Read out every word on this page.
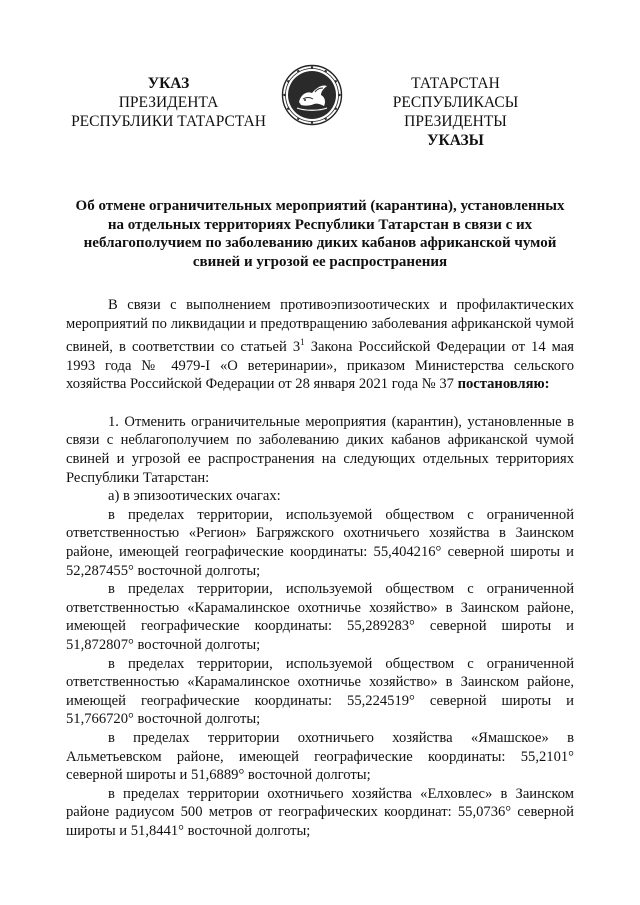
УКАЗ
ПРЕЗИДЕНТА
РЕСПУБЛИКИ ТАТАРСТАН
ТАТАРСТАН РЕСПУБЛИКАСЫ
ПРЕЗИДЕНТЫ
УКАЗЫ
Об отмене ограничительных мероприятий (карантина), установленных на отдельных территориях Республики Татарстан в связи с их неблагополучием по заболеванию диких кабанов африканской чумой свиней и угрозой ее распространения

В связи с выполнением противоэпизоотических и профилактических мероприятий по ликвидации и предотвращению заболевания африканской чумой свиней, в соответствии со статьей $3^1$ Закона Российской Федерации от 14 мая 1993 года № 4979-I «О ветеринарии», приказом Министерства сельского хозяйства Российской Федерации от 28 января 2021 года № 37 постановляю:

1. Отменить ограничительные мероприятия (карантин), установленные в связи с неблагополучием по заболеванию диких кабанов африканской чумой свиней и угрозой ее распространения на следующих отдельных территориях Республики Татарстан:

а) в эпизоотических очагах:

в пределах территории, используемой обществом с ограниченной ответственностью «Регион» Багряжского охотничьего хозяйства в Заинском районе, имеющей географические координаты: 55,404216° северной широты и 52,287455° восточной долготы;

в пределах территории, используемой обществом с ограниченной ответственностью «Карамалинское охотничье хозяйство» в Заинском районе, имеющей географические координаты: 55,289283° северной широты и 51,872807° восточной долготы;

в пределах территории, используемой обществом с ограниченной ответственностью «Карамалинское охотничье хозяйство» в Заинском районе, имеющей географические координаты: 55,224519° северной широты и 51,766720° восточной долготы;

в пределах территории охотничьего хозяйства «Ямашское» в Альметьевском районе, имеющей географические координаты: 55,2101° северной широты и 51,6889° восточной долготы;

в пределах территории охотничьего хозяйства «Елховлес» в Заинском районе радиусом 500 метров от географических координат: 55,0736° северной широты и 51,8441° восточной долготы;
